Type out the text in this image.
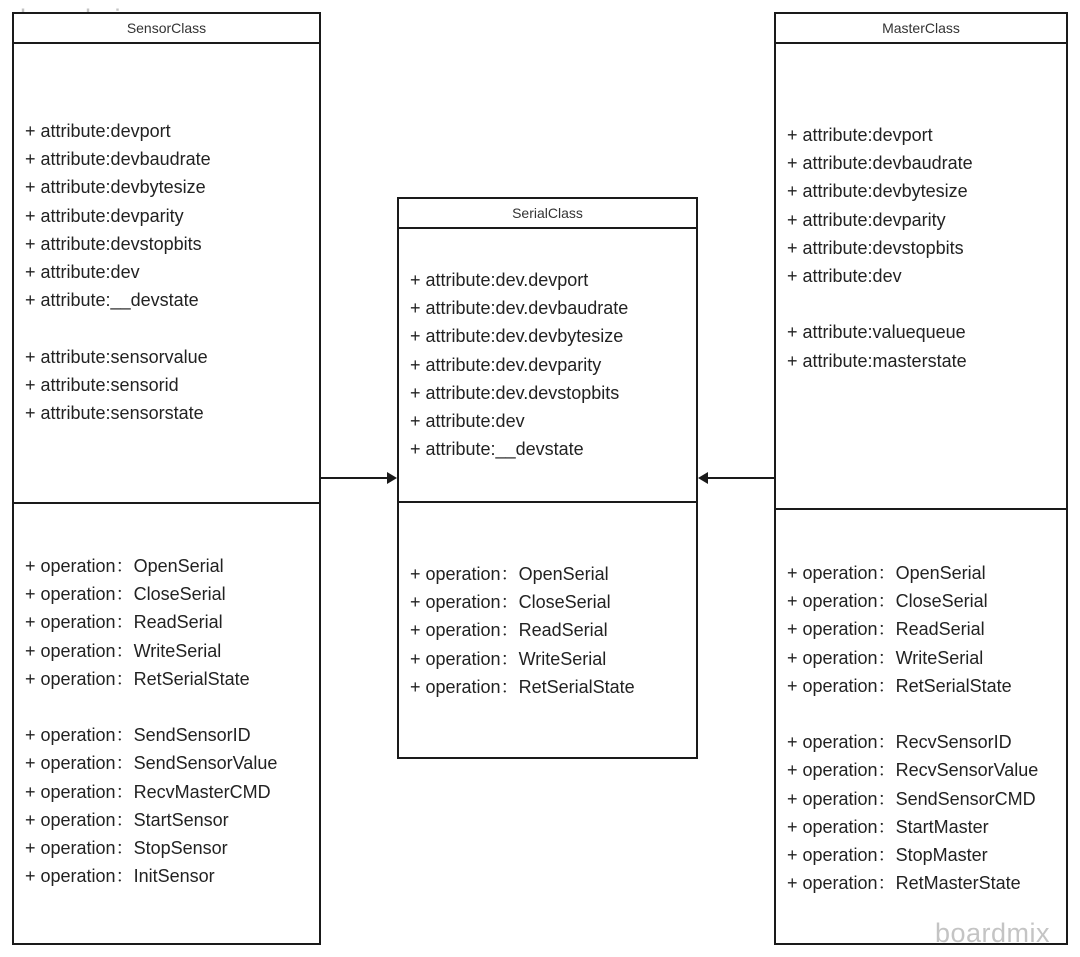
SensorClass
+ attribute:devport
+ attribute:devbaudrate
+ attribute:devbytesize
+ attribute:devparity
+ attribute:devstopbits
+ attribute:dev
+ attribute:__devstate
+ attribute:sensorvalue
+ attribute:sensorid
+ attribute:sensorstate
+ operation：OpenSerial
+ operation：CloseSerial
+ operation：ReadSerial
+ operation：WriteSerial
+ operation：RetSerialState
+ operation：SendSensorID
+ operation：SendSensorValue
+ operation：RecvMasterCMD
+ operation：StartSensor
+ operation：StopSensor
+ operation：InitSensor
SerialClass
+ attribute:dev.devport
+ attribute:dev.devbaudrate
+ attribute:dev.devbytesize
+ attribute:dev.devparity
+ attribute:dev.devstopbits
+ attribute:dev
+ attribute:__devstate
+ operation：OpenSerial
+ operation：CloseSerial
+ operation：ReadSerial
+ operation：WriteSerial
+ operation：RetSerialState
MasterClass
+ attribute:devport
+ attribute:devbaudrate
+ attribute:devbytesize
+ attribute:devparity
+ attribute:devstopbits
+ attribute:dev
+ attribute:valuequeue
+ attribute:masterstate
+ operation：OpenSerial
+ operation：CloseSerial
+ operation：ReadSerial
+ operation：WriteSerial
+ operation：RetSerialState
+ operation：RecvSensorID
+ operation：RecvSensorValue
+ operation：SendSensorCMD
+ operation：StartMaster
+ operation：StopMaster
+ operation：RetMasterState
boardmix
